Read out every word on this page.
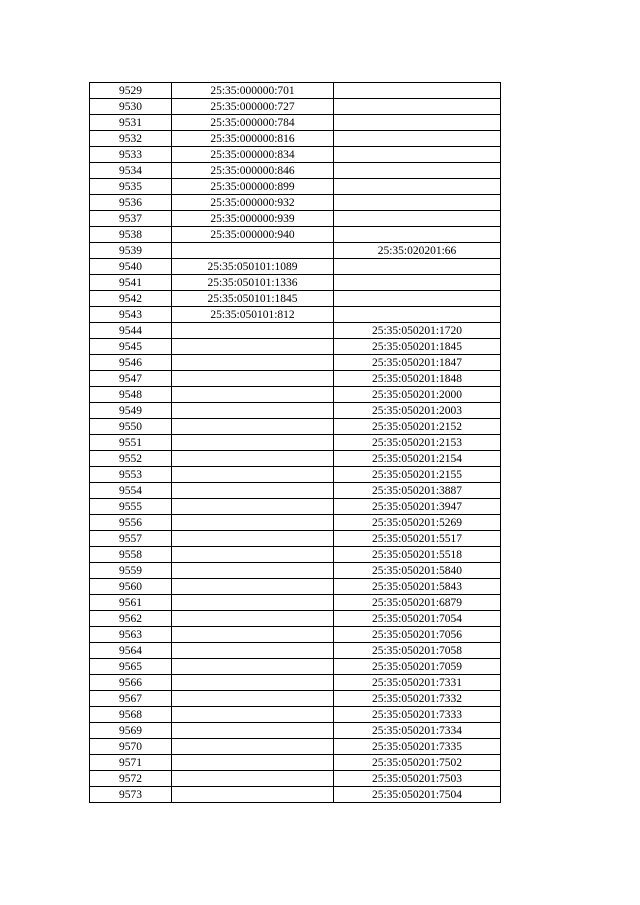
9529	25:35:000000:701	
9530	25:35:000000:727	
9531	25:35:000000:784	
9532	25:35:000000:816	
9533	25:35:000000:834	
9534	25:35:000000:846	
9535	25:35:000000:899	
9536	25:35:000000:932	
9537	25:35:000000:939	
9538	25:35:000000:940	
9539		25:35:020201:66
9540	25:35:050101:1089	
9541	25:35:050101:1336	
9542	25:35:050101:1845	
9543	25:35:050101:812	
9544		25:35:050201:1720
9545		25:35:050201:1845
9546		25:35:050201:1847
9547		25:35:050201:1848
9548		25:35:050201:2000
9549		25:35:050201:2003
9550		25:35:050201:2152
9551		25:35:050201:2153
9552		25:35:050201:2154
9553		25:35:050201:2155
9554		25:35:050201:3887
9555		25:35:050201:3947
9556		25:35:050201:5269
9557		25:35:050201:5517
9558		25:35:050201:5518
9559		25:35:050201:5840
9560		25:35:050201:5843
9561		25:35:050201:6879
9562		25:35:050201:7054
9563		25:35:050201:7056
9564		25:35:050201:7058
9565		25:35:050201:7059
9566		25:35:050201:7331
9567		25:35:050201:7332
9568		25:35:050201:7333
9569		25:35:050201:7334
9570		25:35:050201:7335
9571		25:35:050201:7502
9572		25:35:050201:7503
9573		25:35:050201:7504
